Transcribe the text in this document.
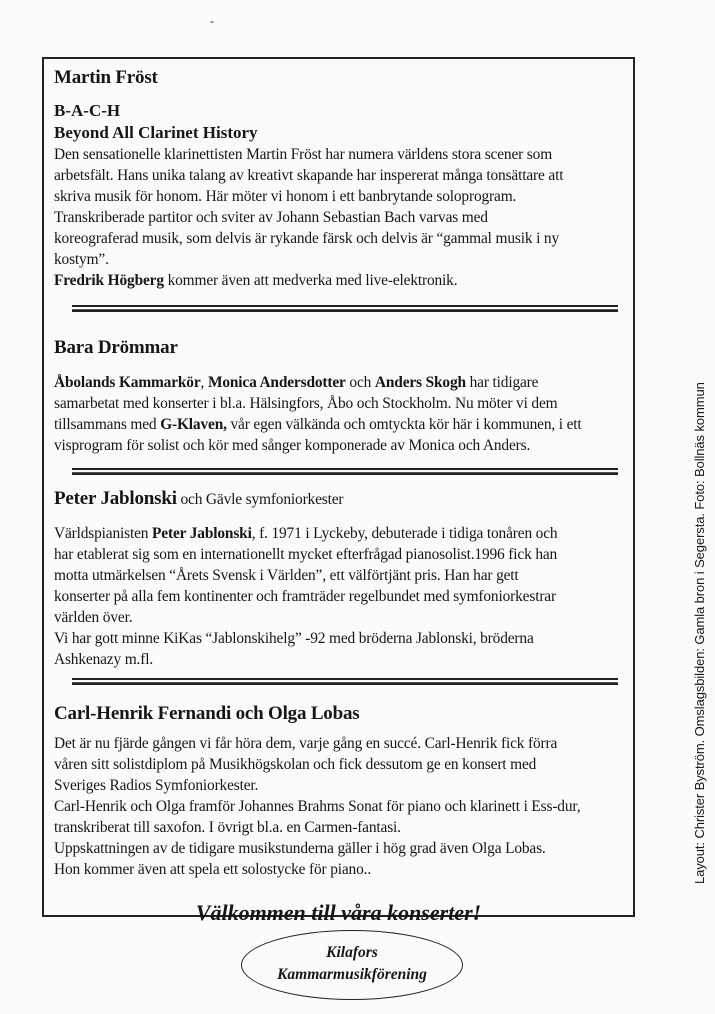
-
Martin Fröst
B-A-C-H
Beyond All Clarinet History

Den sensationelle klarinettisten Martin Fröst har numera världens stora scener som

arbetsfält. Hans unika talang av kreativt skapande har inspererat många tonsättare att

skriva musik för honom. Här möter vi honom i ett banbrytande soloprogram.

Transkriberade partitor och sviter av Johann Sebastian Bach varvas med

koreograferad musik, som delvis är rykande färsk och delvis är “gammal musik i ny

kostym”.

Fredrik Högberg kommer även att medverka med live-elektronik.

Bara Drömmar

Åbolands Kammarkör, Monica Andersdotter och Anders Skogh har tidigare

samarbetat med konserter i bl.a. Hälsingfors, Åbo och Stockholm. Nu möter vi dem

tillsammans med G-Klaven, vår egen välkända och omtyckta kör här i kommunen, i ett

visprogram för solist och kör med sånger komponerade av Monica och Anders.

Peter Jablonski och Gävle symfoniorkester

Världspianisten Peter Jablonski, f. 1971 i Lyckeby, debuterade i tidiga tonåren och

har etablerat sig som en internationellt mycket efterfrågad pianosolist.1996 fick han

motta utmärkelsen “Årets Svensk i Världen”, ett välförtjänt pris. Han har gett

konserter på alla fem kontinenter och framträder regelbundet med symfoniorkestrar

världen över.

Vi har gott minne KiKas “Jablonskihelg” -92 med bröderna Jablonski, bröderna

Ashkenazy m.fl.

Carl-Henrik Fernandi och Olga Lobas

Det är nu fjärde gången vi får höra dem, varje gång en succé. Carl-Henrik fick förra

våren sitt solistdiplom på Musikhögskolan och fick dessutom ge en konsert med

Sveriges Radios Symfoniorkester.

Carl-Henrik och Olga framför Johannes Brahms Sonat för piano och klarinett i Ess-dur,

transkriberat till saxofon. I övrigt bl.a. en Carmen-fantasi.

Uppskattningen av de tidigare musikstunderna gäller i hög grad även Olga Lobas.

Hon kommer även att spela ett solostycke för piano..

Välkommen till våra konserter!
Kilafors
Kammarmusikförening
Layout: Christer Byström. Omslagsbilden: Gamla bron i Segersta. Foto: Bollnäs kommun
